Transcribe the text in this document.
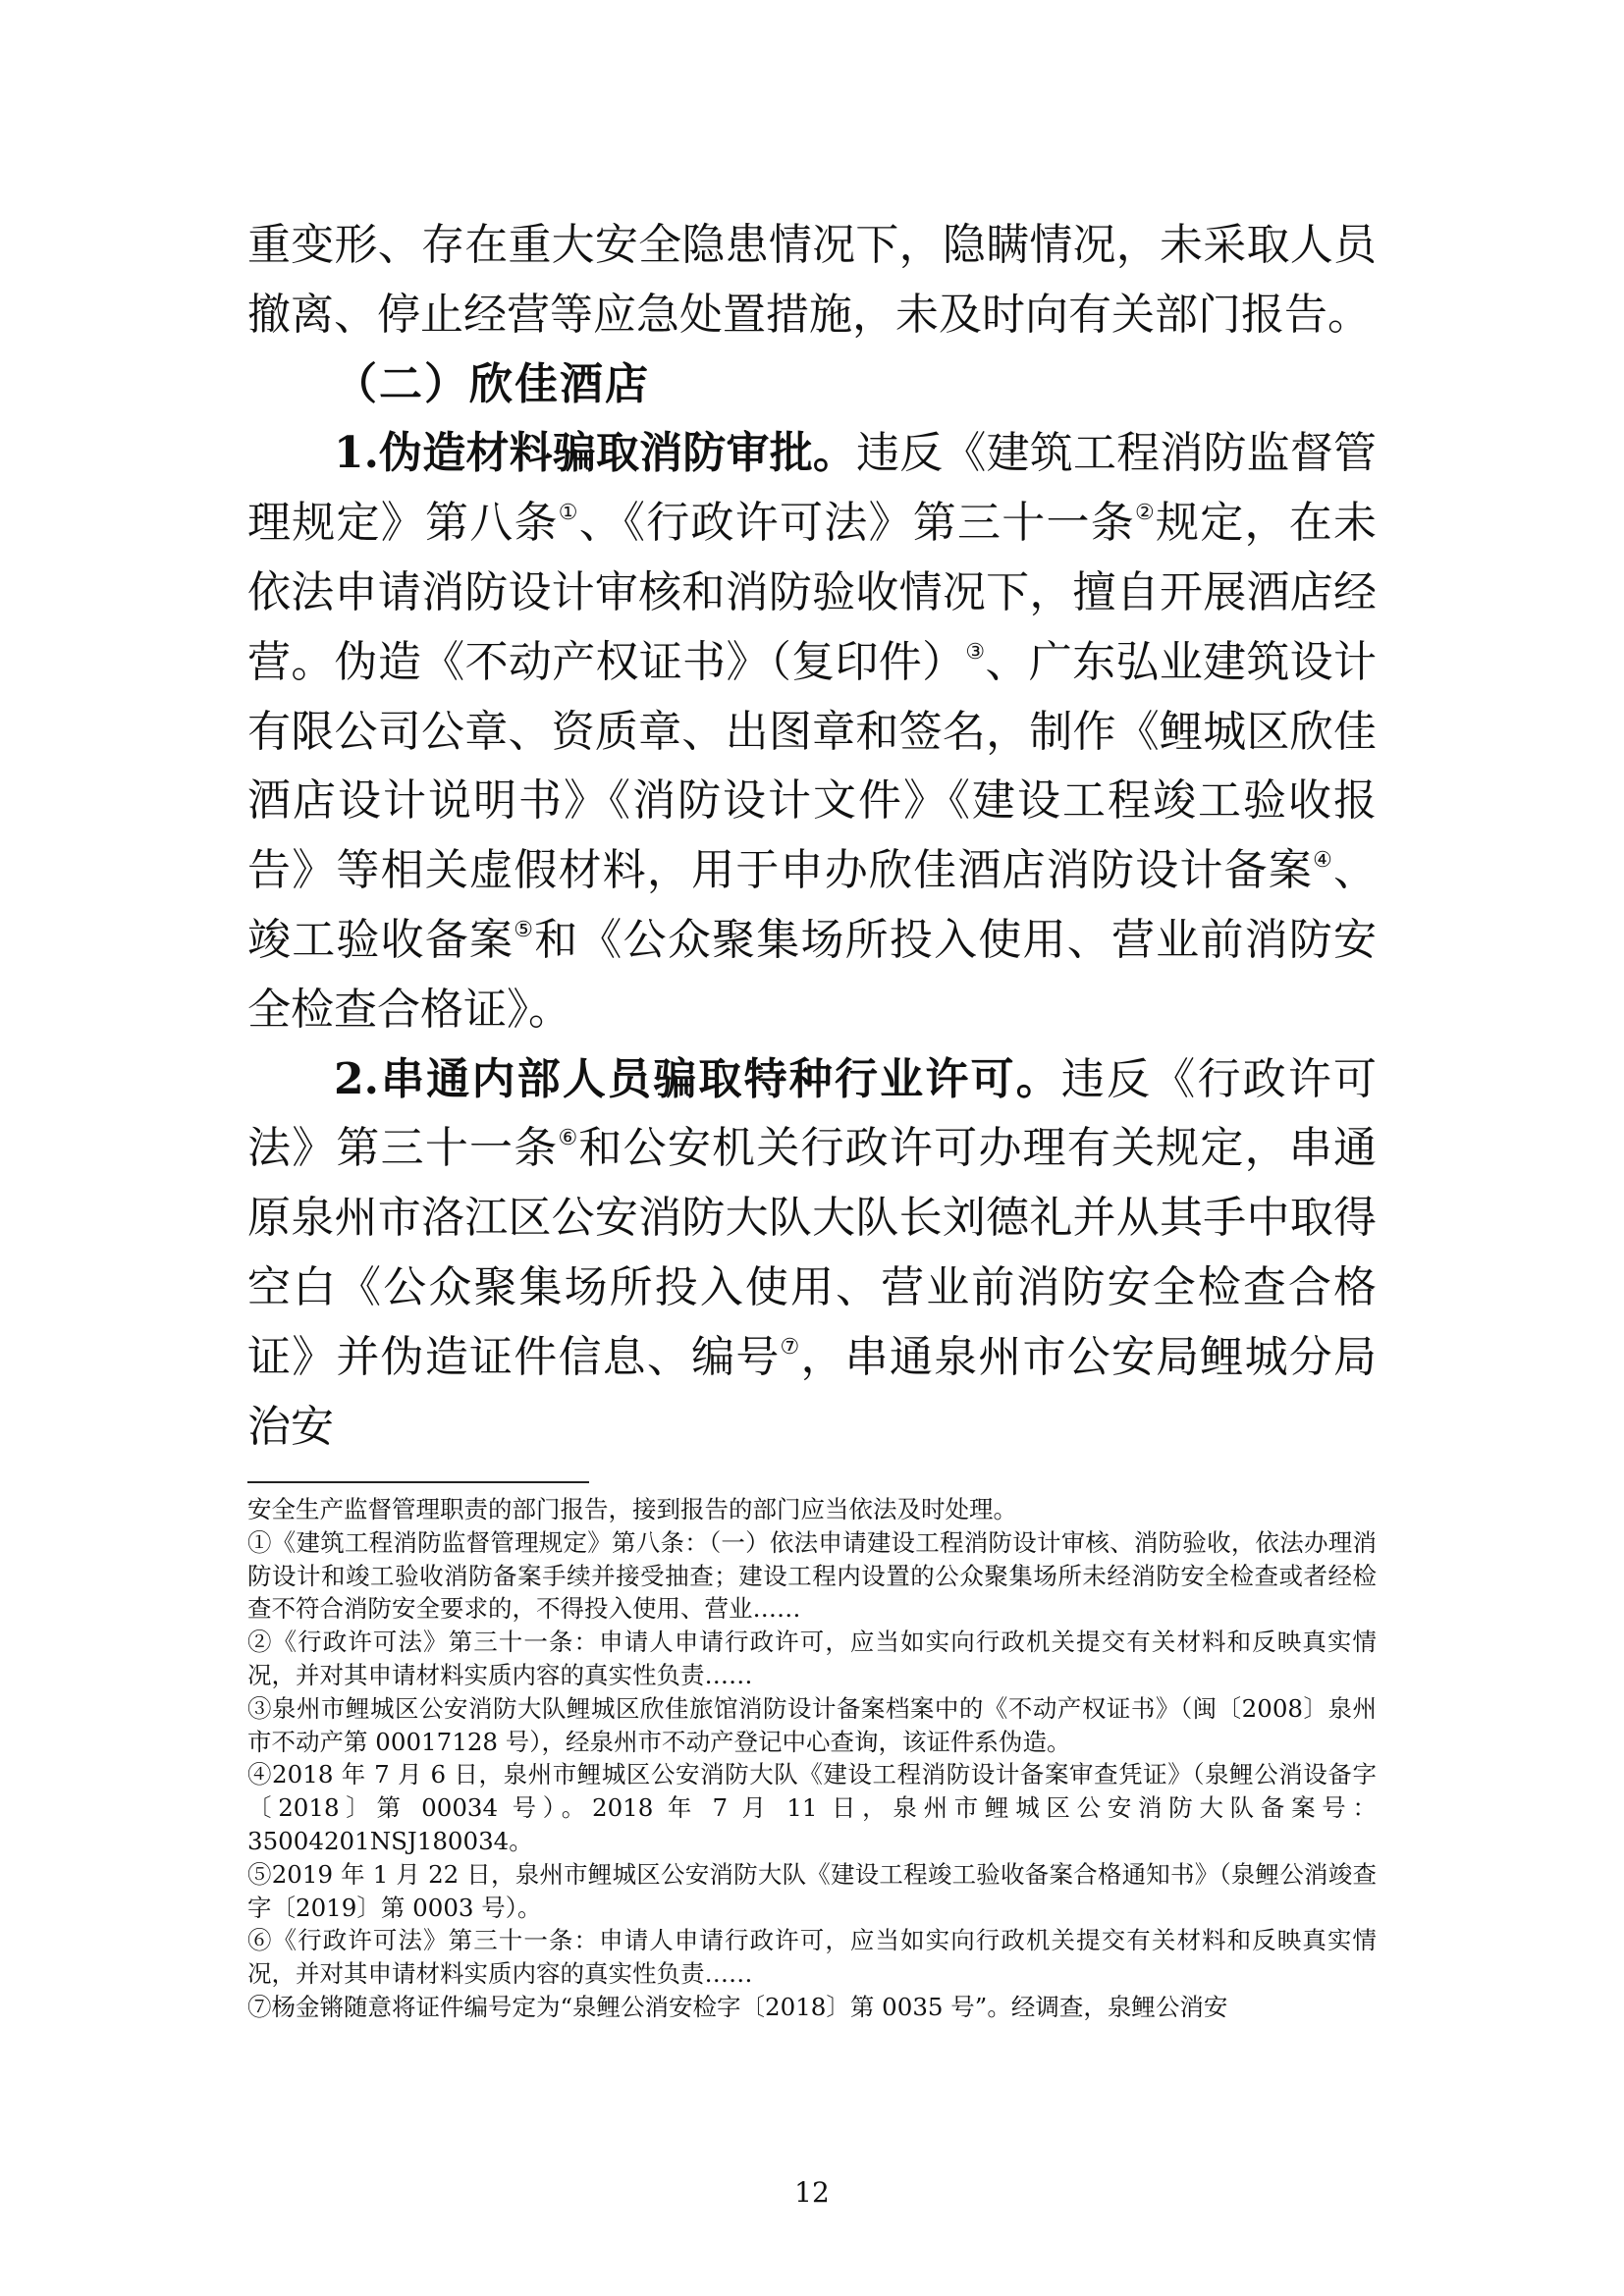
重变形、存在重大安全隐患情况下，隐瞒情况，未采取人员撤离、停止经营等应急处置措施，未及时向有关部门报告。

（二）欣佳酒店

1.伪造材料骗取消防审批。违反《建筑工程消防监督管理规定》第八条①、《行政许可法》第三十一条②规定，在未依法申请消防设计审核和消防验收情况下，擅自开展酒店经营。伪造《不动产权证书》（复印件）③、广东弘业建筑设计有限公司公章、资质章、出图章和签名，制作《鲤城区欣佳酒店设计说明书》《消防设计文件》《建设工程竣工验收报告》等相关虚假材料，用于申办欣佳酒店消防设计备案④、竣工验收备案⑤和《公众聚集场所投入使用、营业前消防安全检查合格证》。

2.串通内部人员骗取特种行业许可。违反《行政许可法》第三十一条⑥和公安机关行政许可办理有关规定，串通原泉州市洛江区公安消防大队大队长刘德礼并从其手中取得空白《公众聚集场所投入使用、营业前消防安全检查合格证》并伪造证件信息、编号⑦，串通泉州市公安局鲤城分局治安

安全生产监督管理职责的部门报告，接到报告的部门应当依法及时处理。

①《建筑工程消防监督管理规定》第八条：（一）依法申请建设工程消防设计审核、消防验收，依法办理消防设计和竣工验收消防备案手续并接受抽查；建设工程内设置的公众聚集场所未经消防安全检查或者经检查不符合消防安全要求的，不得投入使用、营业……

②《行政许可法》第三十一条：申请人申请行政许可，应当如实向行政机关提交有关材料和反映真实情况，并对其申请材料实质内容的真实性负责……

③泉州市鲤城区公安消防大队鲤城区欣佳旅馆消防设计备案档案中的《不动产权证书》（闽〔2008〕泉州市不动产第 00017128 号），经泉州市不动产登记中心查询，该证件系伪造。

④2018 年 7 月 6 日，泉州市鲤城区公安消防大队《建设工程消防设计备案审查凭证》（泉鲤公消设备字〔2018〕第 00034 号）。2018 年 7 月 11 日，泉州市鲤城区公安消防大队备案号：35004201NSJ180034。

⑤2019 年 1 月 22 日，泉州市鲤城区公安消防大队《建设工程竣工验收备案合格通知书》（泉鲤公消竣查字〔2019〕第 0003 号）。

⑥《行政许可法》第三十一条：申请人申请行政许可，应当如实向行政机关提交有关材料和反映真实情况，并对其申请材料实质内容的真实性负责……

⑦杨金锵随意将证件编号定为“泉鲤公消安检字〔2018〕第 0035 号”。经调查，泉鲤公消安

12
